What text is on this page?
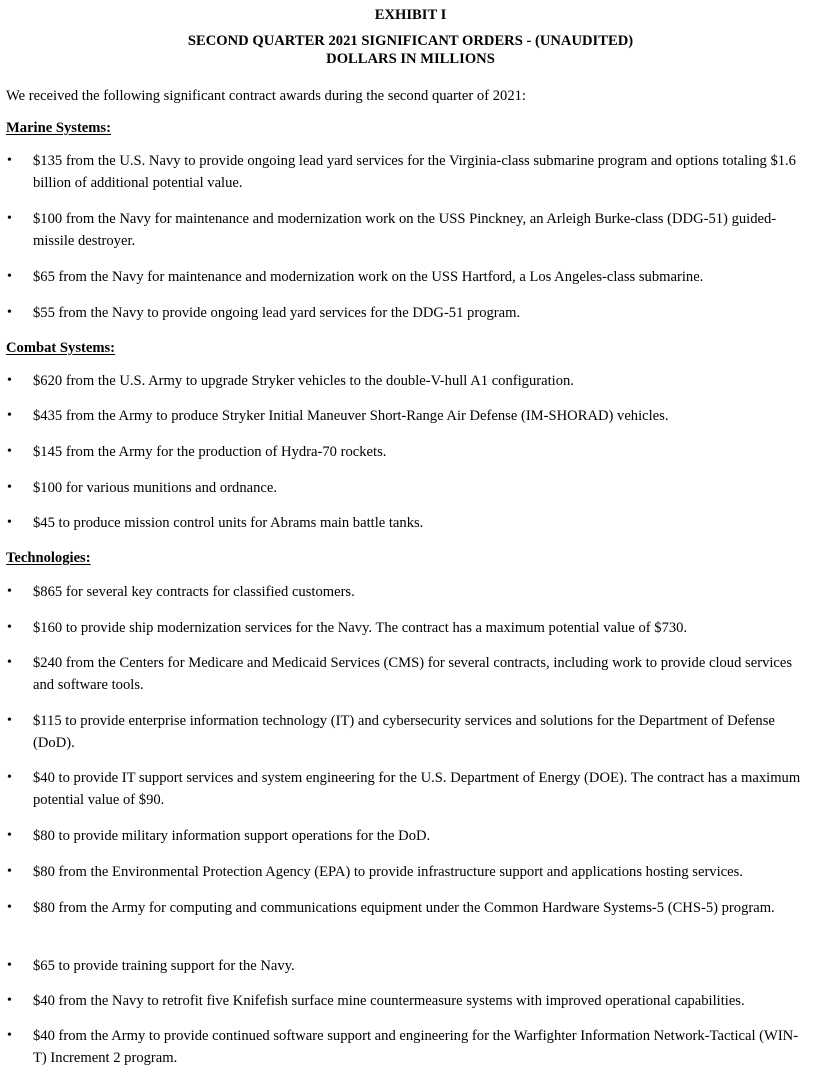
EXHIBIT I
SECOND QUARTER 2021 SIGNIFICANT ORDERS - (UNAUDITED)
DOLLARS IN MILLIONS
We received the following significant contract awards during the second quarter of 2021:
Marine Systems:
• $135 from the U.S. Navy to provide ongoing lead yard services for the Virginia-class submarine program and options totaling $1.6 billion of additional potential value.
• $100 from the Navy for maintenance and modernization work on the USS Pinckney, an Arleigh Burke-class (DDG-51) guided-missile destroyer.
• $65 from the Navy for maintenance and modernization work on the USS Hartford, a Los Angeles-class submarine.
• $55 from the Navy to provide ongoing lead yard services for the DDG-51 program.
Combat Systems:
• $620 from the U.S. Army to upgrade Stryker vehicles to the double-V-hull A1 configuration.
• $435 from the Army to produce Stryker Initial Maneuver Short-Range Air Defense (IM-SHORAD) vehicles.
• $145 from the Army for the production of Hydra-70 rockets.
• $100 for various munitions and ordnance.
• $45 to produce mission control units for Abrams main battle tanks.
Technologies:
• $865 for several key contracts for classified customers.
• $160 to provide ship modernization services for the Navy. The contract has a maximum potential value of $730.
• $240 from the Centers for Medicare and Medicaid Services (CMS) for several contracts, including work to provide cloud services and software tools.
• $115 to provide enterprise information technology (IT) and cybersecurity services and solutions for the Department of Defense (DoD).
• $40 to provide IT support services and system engineering for the U.S. Department of Energy (DOE). The contract has a maximum potential value of $90.
• $80 to provide military information support operations for the DoD.
• $80 from the Environmental Protection Agency (EPA) to provide infrastructure support and applications hosting services.
• $80 from the Army for computing and communications equipment under the Common Hardware Systems-5 (CHS-5) program.
• $65 to provide training support for the Navy.
• $40 from the Navy to retrofit five Knifefish surface mine countermeasure systems with improved operational capabilities.
• $40 from the Army to provide continued software support and engineering for the Warfighter Information Network-Tactical (WIN-T) Increment 2 program.
